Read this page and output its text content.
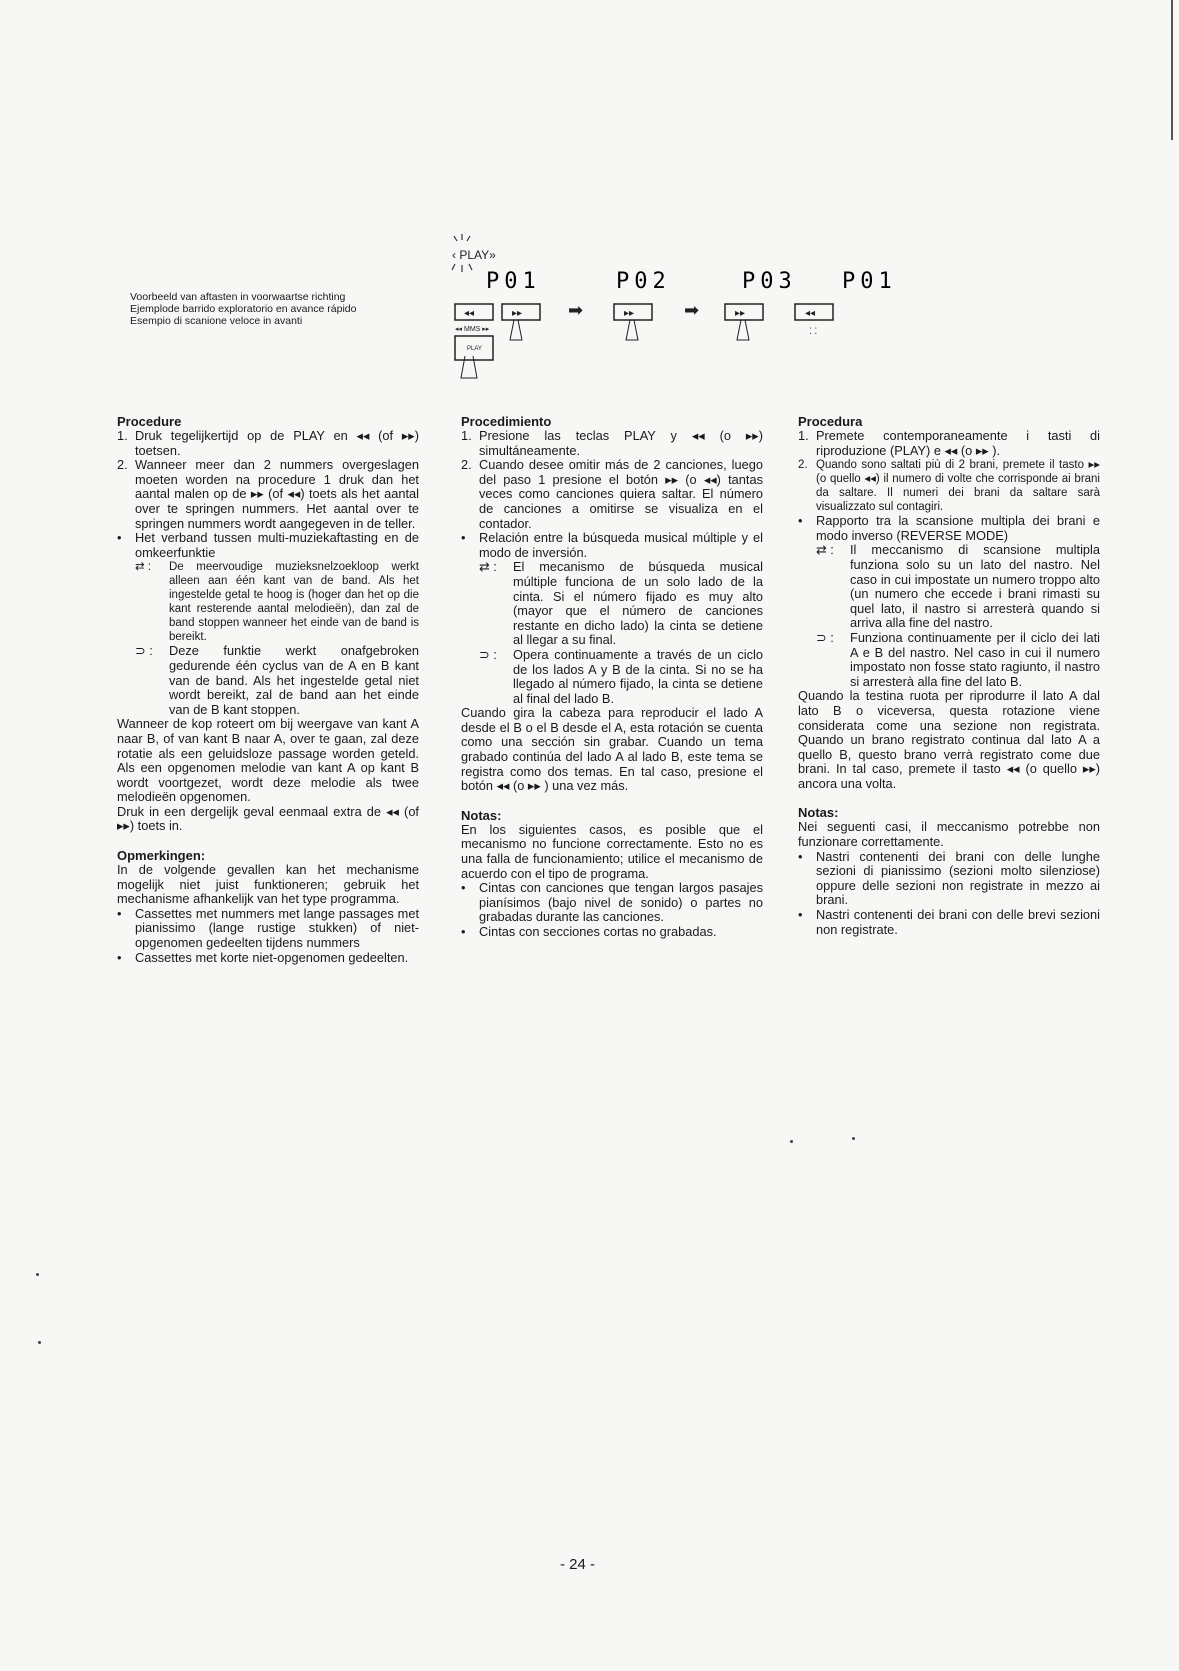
Voorbeeld van aftasten in voorwaartse richting
Ejemplode barrido exploratorio en avance rápido
Esempio di scanione veloce in avanti
‹ PLAY»
P01	P02	P03 P01
◂◂	▸▸
◂◂ MMS ▸▸
PLAY
➡	▸▸	➡	▸▸	◂◂
⁚ ⁚
Procedure
1. Druk tegelijkertijd op de PLAY en ◂◂ (of ▸▸) toetsen.
2. Wanneer meer dan 2 nummers overgeslagen moeten worden na procedure 1 druk dan het aantal malen op de ▸▸ (of ◂◂) toets als het aantal over te springen nummers. Het aantal over te springen nummers wordt aangegeven in de teller.
• Het verband tussen multi-muziekaftasting en de omkeerfunktie
⇄ : De meervoudige muzieksnelzoekloop werkt alleen aan één kant van de band. Als het ingestelde getal te hoog is (hoger dan het op die kant resterende aantal melodieën), dan zal de band stoppen wanneer het einde van de band is bereikt.
⊃ : Deze funktie werkt onafgebroken gedurende één cyclus van de A en B kant van de band. Als het ingestelde getal niet wordt bereikt, zal de band aan het einde van de B kant stoppen.

Wanneer de kop roteert om bij weergave van kant A naar B, of van kant B naar A, over te gaan, zal deze rotatie als een geluidsloze passage worden geteld. Als een opgenomen melodie van kant A op kant B wordt voortgezet, wordt deze melodie als twee melodieën opgenomen.

Druk in een dergelijk geval eenmaal extra de ◂◂ (of ▸▸) toets in.

Opmerkingen:

In de volgende gevallen kan het mechanisme mogelijk niet juist funktioneren; gebruik het mechanisme afhankelijk van het type programma.

• Cassettes met nummers met lange passages met pianissimo (lange rustige stukken) of niet-opgenomen gedeelten tijdens nummers
• Cassettes met korte niet-opgenomen gedeelten.
Procedimiento
1. Presione las teclas PLAY y ◂◂ (o ▸▸) simultáneamente.
2. Cuando desee omitir más de 2 canciones, luego del paso 1 presione el botón ▸▸ (o ◂◂) tantas veces como canciones quiera saltar. El número de canciones a omitirse se visualiza en el contador.
• Relación entre la búsqueda musical múltiple y el modo de inversión.
⇄ : El mecanismo de búsqueda musical múltiple funciona de un solo lado de la cinta. Si el número fijado es muy alto (mayor que el número de canciones restante en dicho lado) la cinta se detiene al llegar a su final.
⊃ : Opera continuamente a través de un ciclo de los lados A y B de la cinta. Si no se ha llegado al número fijado, la cinta se detiene al final del lado B.

Cuando gira la cabeza para reproducir el lado A desde el B o el B desde el A, esta rotación se cuenta como una sección sin grabar. Cuando un tema grabado continúa del lado A al lado B, este tema se registra como dos temas. En tal caso, presione el botón ◂◂ (o ▸▸ ) una vez más.

Notas:

En los siguientes casos, es posible que el mecanismo no funcione correctamente. Esto no es una falla de funcionamiento; utilice el mecanismo de acuerdo con el tipo de programa.

• Cintas con canciones que tengan largos pasajes pianísimos (bajo nivel de sonido) o partes no grabadas durante las canciones.
• Cintas con secciones cortas no grabadas.
Procedura
1. Premete contemporaneamente i tasti di riproduzione (PLAY) e ◂◂ (o ▸▸ ).
2. Quando sono saltati più di 2 brani, premete il tasto ▸▸ (o quello ◂◂) il numero di volte che corrisponde ai brani da saltare. Il numeri dei brani da saltare sarà visualizzato sul contagiri.
• Rapporto tra la scansione multipla dei brani e modo inverso (REVERSE MODE)
⇄ : Il meccanismo di scansione multipla funziona solo su un lato del nastro. Nel caso in cui impostate un numero troppo alto (un numero che eccede i brani rimasti su quel lato, il nastro si arresterà quando si arriva alla fine del nastro.
⊃ : Funziona continuamente per il ciclo dei lati A e B del nastro. Nel caso in cui il numero impostato non fosse stato ragiunto, il nastro si arresterà alla fine del lato B.

Quando la testina ruota per riprodurre il lato A dal lato B o viceversa, questa rotazione viene considerata come una sezione non registrata. Quando un brano registrato continua dal lato A a quello B, questo brano verrà registrato come due brani. In tal caso, premete il tasto ◂◂ (o quello ▸▸) ancora una volta.

Notas:

Nei seguenti casi, il meccanismo potrebbe non funzionare correttamente.

• Nastri contenenti dei brani con delle lunghe sezioni di pianissimo (sezioni molto silenziose) oppure delle sezioni non registrate in mezzo ai brani.
• Nastri contenenti dei brani con delle brevi sezioni non registrate.
- 24 -
